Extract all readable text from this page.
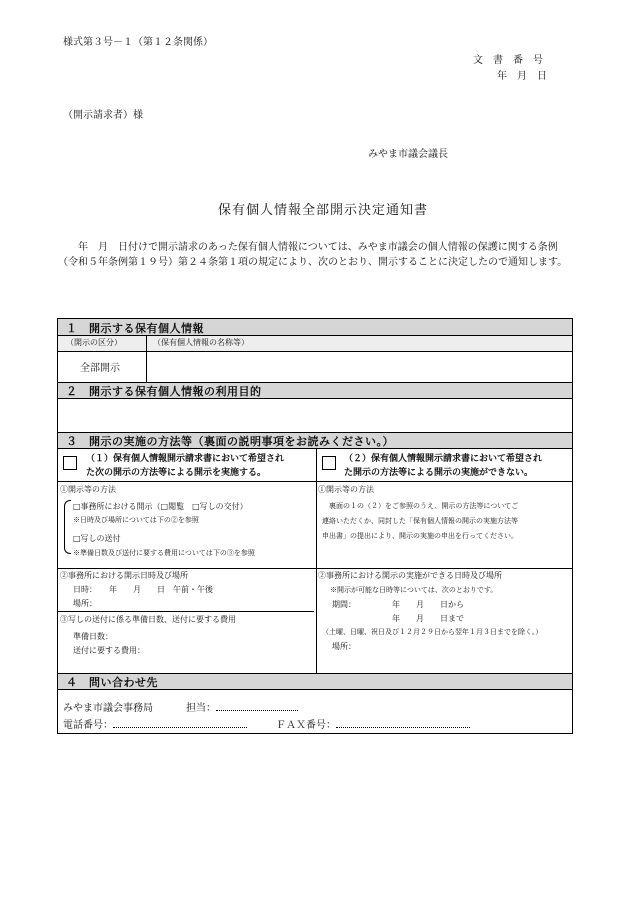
様式第３号－１（第１２条関係）
文　書　番　号
年　月　日
（開示請求者）様
みやま市議会議長
保有個人情報全部開示決定通知書
　　年　月　日付けで開示請求のあった保有個人情報については、みやま市議会の個人情報の保護に関する条例（令和５年条例第１９号）第２４条第１項の規定により、次のとおり、開示することに決定したので通知します。
１　開示する保有個人情報
（開示の区分）	（保有個人情報の名称等）
全部開示
２　開示する保有個人情報の利用目的
３　開示の実施の方法等（裏面の説明事項をお読みください。）
（１）保有個人情報開示請求書において希望され
た次の開示の方法等による開示を実施する。
（２）保有個人情報開示請求書において希望され
た開示の方法等による開示の実施ができない。
①開示等の方法
□事務所における開示（□閲覧　□写しの交付）
※日時及び場所については下の②を参照
□写しの送付
※準備日数及び送付に要する費用については下の③を参照
①開示等の方法
　裏面の１の（２）をご参照のうえ、開示の方法等についてご
連絡いただくか、同封した「保有個人情報の開示の実施方法等
申出書」の提出により、開示の実施の申出を行ってください。
②事務所における開示日時及び場所
日時：　　年　　月　　日　午前・午後
場所：
③写しの送付に係る準備日数、送付に要する費用
準備日数：
送付に要する費用：
②事務所における開示の実施ができる日時及び場所
※開示が可能な日時等については、次のとおりです。
期間：	年　　月　　日から
年　　月　　日まで
（土曜、日曜、祝日及び１２月２９日から翌年１月３日までを除く。）
場所：
４　問い合わせ先
みやま市議会事務局	担当：
電話番号：	ＦＡＸ番号：
